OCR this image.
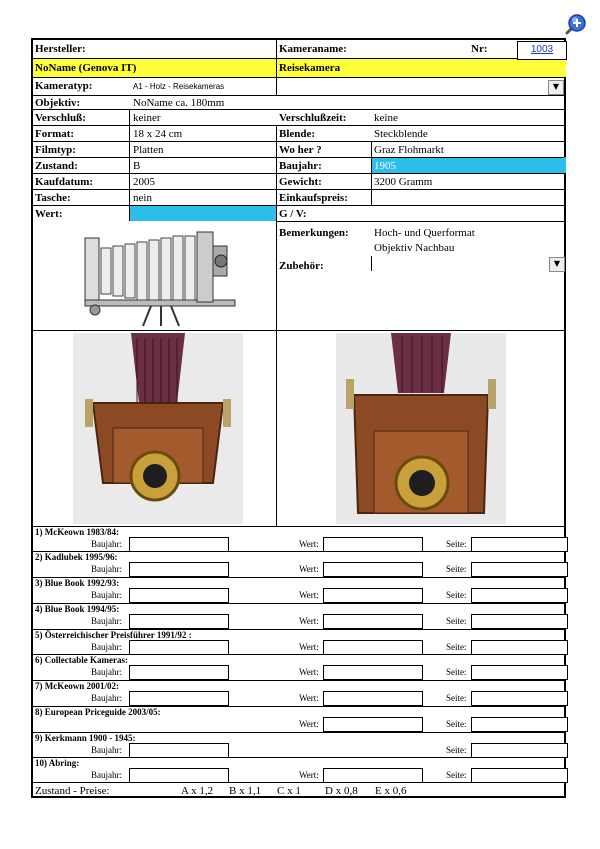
Hersteller:	Kameraname:	Nr:	1003
NoName (Genova IT)	Reisekamera
Kameratyp:	A1 - Holz - Reisekameras	▼
Objektiv:	NoName ca. 180mm
Verschluß:	keiner	Verschlußzeit:	keine
Format:	18 x 24 cm	Blende:	Steckblende
Filmtyp:	Platten	Wo her ?	Graz Flohmarkt
Zustand:	B	Baujahr:	1905
Kaufdatum:	2005	Gewicht:	3200 Gramm
Tasche:	nein	Einkaufspreis:
Wert:	G / V:
Bemerkungen: Hoch- und Querformat
Objektiv Nachbau
Zubehör:	▼
1) McKeown 1983/84:
Baujahr:	Wert:	Seite:
2) Kadlubek 1995/96:
Baujahr:	Wert:	Seite:
3) Blue Book 1992/93:
Baujahr:	Wert:	Seite:
4) Blue Book 1994/95:
Baujahr:	Wert:	Seite:
5) Österreichischer Preisführer 1991/92 :
Baujahr:	Wert:	Seite:
6) Collectable Kameras:
Baujahr:	Wert:	Seite:
7) McKeown 2001/02:
Baujahr:	Wert:	Seite:
8) European Priceguide 2003/05:
Wert:	Seite:
9) Kerkmann 1900 - 1945:
Baujahr:	Seite:
10) Abring:
Baujahr:	Wert:	Seite:
Zustand - Preise:	A x 1,2 B x 1,1 C x 1 D x 0,8 E x 0,6
